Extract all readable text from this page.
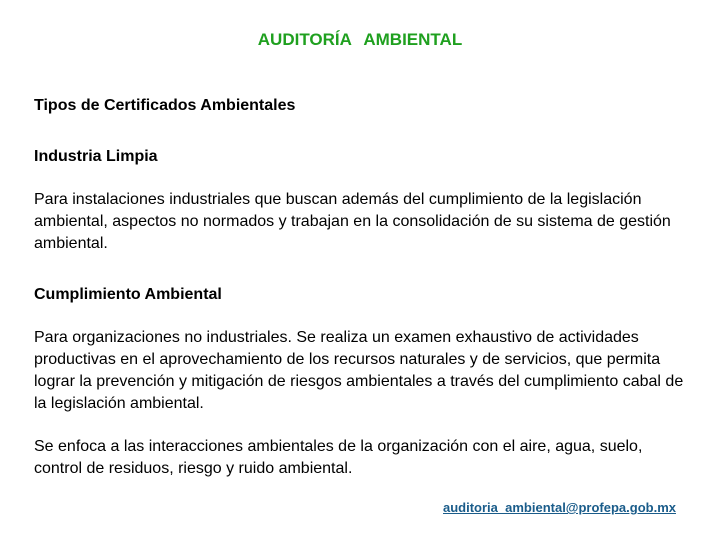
AUDITORÍA AMBIENTAL

Tipos de Certificados Ambientales

Industria Limpia

Para instalaciones industriales que buscan además del cumplimiento de la legislación ambiental, aspectos no normados y trabajan en la consolidación de su sistema de gestión ambiental.

Cumplimiento Ambiental

Para organizaciones no industriales. Se realiza un examen exhaustivo de actividades productivas en el aprovechamiento de los recursos naturales y de servicios, que permita lograr la prevención y mitigación de riesgos ambientales a través del cumplimiento cabal de la legislación ambiental.

Se enfoca a las interacciones ambientales de la organización con el aire, agua, suelo, control de residuos, riesgo y ruido ambiental.

auditoria_ambiental@profepa.gob.mx
